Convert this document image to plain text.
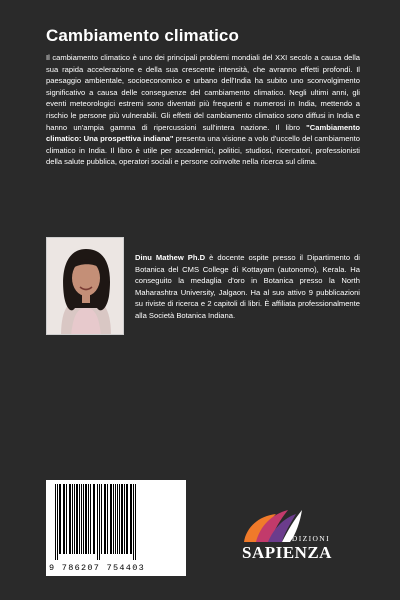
Cambiamento climatico
Il cambiamento climatico è uno dei principali problemi mondiali del XXI secolo a causa della sua rapida accelerazione e della sua crescente intensità, che avranno effetti profondi. Il paesaggio ambientale, socioeconomico e urbano dell'India ha subito uno sconvolgimento significativo a causa delle conseguenze del cambiamento climatico. Negli ultimi anni, gli eventi meteorologici estremi sono diventati più frequenti e numerosi in India, mettendo a rischio le persone più vulnerabili. Gli effetti del cambiamento climatico sono diffusi in India e hanno un'ampia gamma di ripercussioni sull'intera nazione. Il libro "Cambiamento climatico: Una prospettiva indiana" presenta una visione a volo d'uccello del cambiamento climatico in India. Il libro è utile per accademici, politici, studiosi, ricercatori, professionisti della salute pubblica, operatori sociali e persone coinvolte nella ricerca sul clima.
Dinu Mathew Ph.D è docente ospite presso il Dipartimento di Botanica del CMS College di Kottayam (autonomo), Kerala. Ha conseguito la medaglia d'oro in Botanica presso la North Maharashtra University, Jalgaon. Ha al suo attivo 9 pubblicazioni su riviste di ricerca e 2 capitoli di libri. È affiliata professionalmente alla Società Botanica Indiana.
9 786207 754403
EDIZIONI
SAPIENZA
